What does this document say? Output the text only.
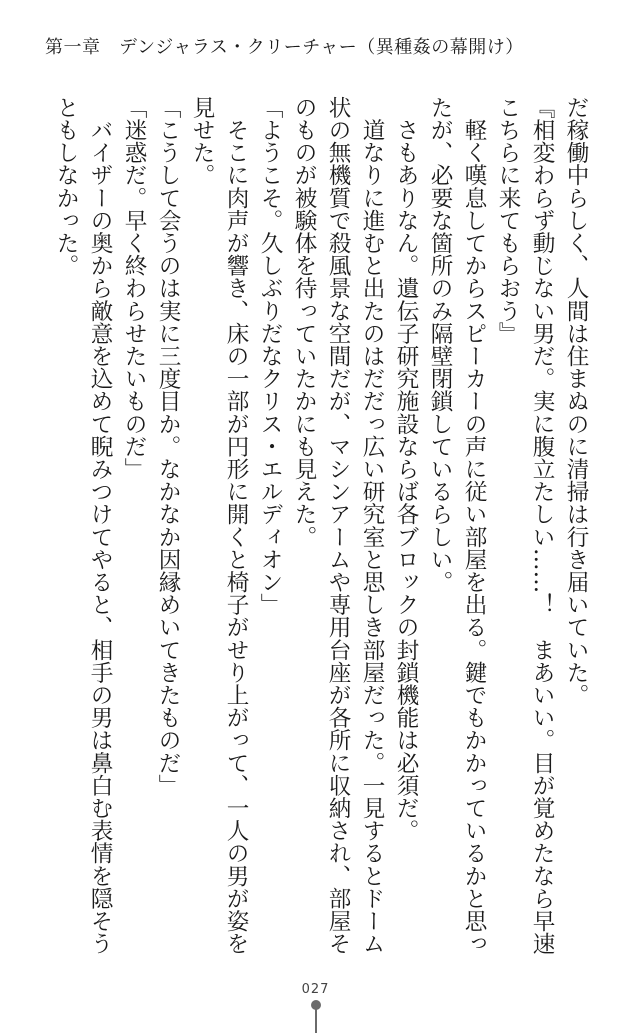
第一章　デンジャラス・クリーチャー（異種姦の幕開け）

だ稼働中らしく、人間は住まぬのに清掃は行き届いていた。

『相変わらず動じない男だ。実に腹立たしい……！　まあいい。目が覚めたなら早速こちらに来てもらおう』

　軽く嘆息してからスピーカーの声に従い部屋を出る。鍵でもかかっているかと思ったが、必要な箇所のみ隔壁閉鎖しているらしい。

　さもありなん。遺伝子研究施設ならば各ブロックの封鎖機能は必須だ。

　道なりに進むと出たのはだだっ広い研究室と思しき部屋だった。一見するとドーム状の無機質で殺風景な空間だが、マシンアームや専用台座が各所に収納され、部屋そのものが被験体を待っていたかにも見えた。

「ようこそ。久しぶりだなクリス・エルディオン」

　そこに肉声が響き、床の一部が円形に開くと椅子がせり上がって、一人の男が姿を見せた。

「こうして会うのは実に三度目か。なかなか因縁めいてきたものだ」

「迷惑だ。早く終わらせたいものだ」

　バイザーの奥から敵意を込めて睨みつけてやると、相手の男は鼻白む表情を隠そうともしなかった。

027
